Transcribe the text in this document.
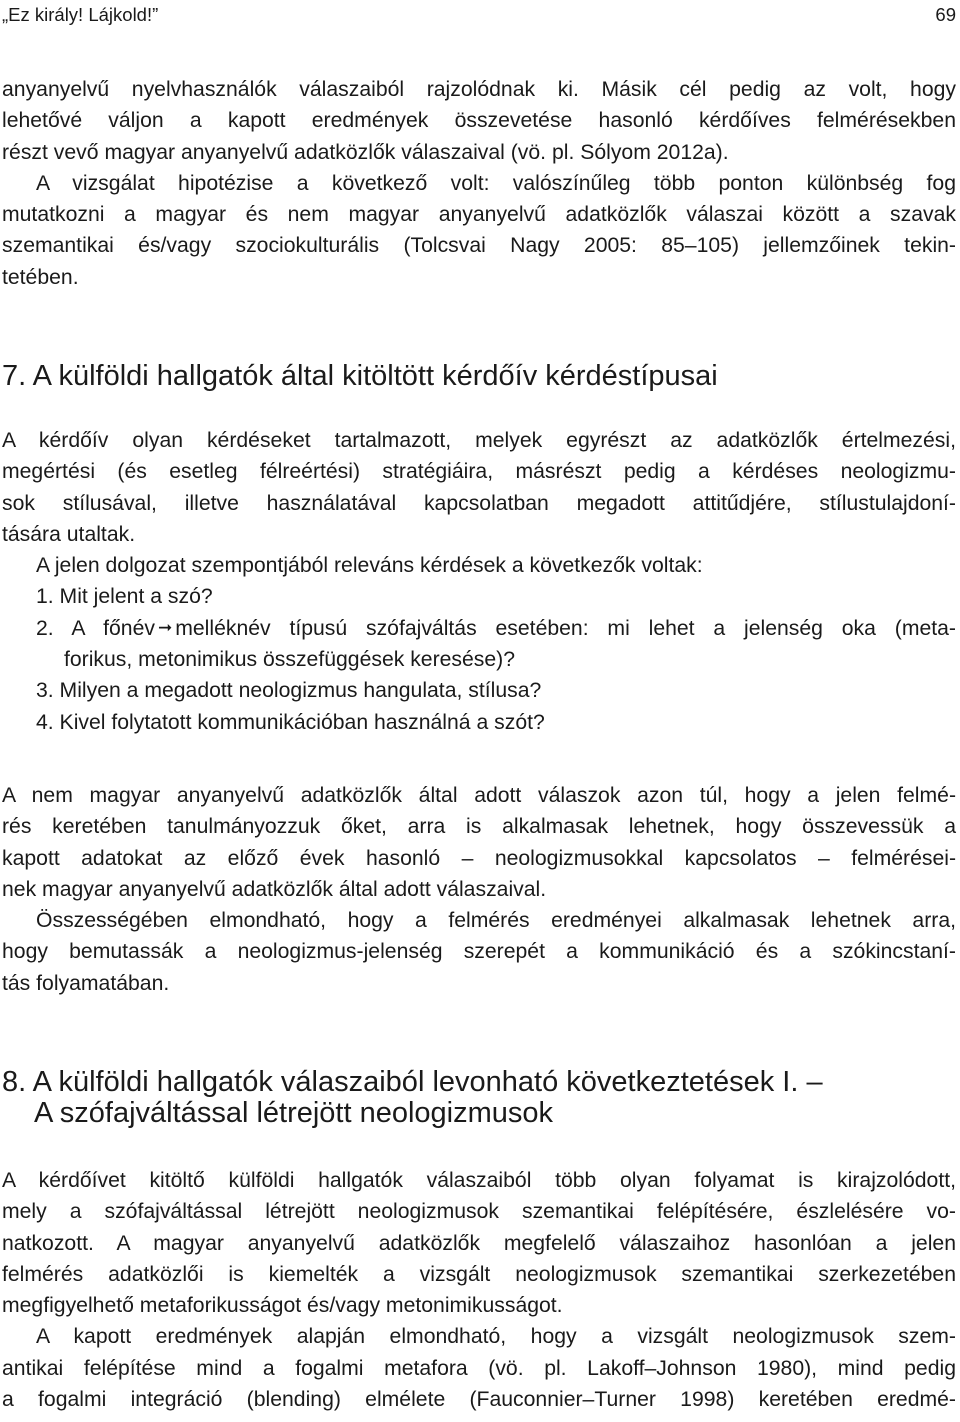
„Ez király! Lájkold!”	69
anyanyelvű nyelvhasználók válaszaiból rajzolódnak ki. Másik cél pedig az volt, hogy
lehetővé váljon a kapott eredmények összevetése hasonló kérdőíves felmérésekben
részt vevő magyar anyanyelvű adatközlők válaszaival (vö. pl. Sólyom 2012a).
A vizsgálat hipotézise a következő volt: valószínűleg több ponton különbség fog
mutatkozni a magyar és nem magyar anyanyelvű adatközlők válaszai között a szavak
szemantikai és/vagy szociokulturális (Tolcsvai Nagy 2005: 85–105) jellemzőinek tekin-
tetében.
7. A külföldi hallgatók által kitöltött kérdőív kérdéstípusai
A kérdőív olyan kérdéseket tartalmazott, melyek egyrészt az adatközlők értelmezési,
megértési (és esetleg félreértési) stratégiáira, másrészt pedig a kérdéses neologizmu-
sok stílusával, illetve használatával kapcsolatban megadott attitűdjére, stílustulajdoní-
tására utaltak.
A jelen dolgozat szempontjából releváns kérdések a következők voltak:
1. Mit jelent a szó?
2. A főnév ➞ melléknév típusú szófajváltás esetében: mi lehet a jelenség oka (meta-
forikus, metonimikus összefüggések keresése)?
3. Milyen a megadott neologizmus hangulata, stílusa?
4. Kivel folytatott kommunikációban használná a szót?
A nem magyar anyanyelvű adatközlők által adott válaszok azon túl, hogy a jelen felmé-
rés keretében tanulmányozzuk őket, arra is alkalmasak lehetnek, hogy összevessük a
kapott adatokat az előző évek hasonló – neologizmusokkal kapcsolatos – felmérései-
nek magyar anyanyelvű adatközlők által adott válaszaival.
Összességében elmondható, hogy a felmérés eredményei alkalmasak lehetnek arra,
hogy bemutassák a neologizmus-jelenség szerepét a kommunikáció és a szókincstaní-
tás folyamatában.
8. A külföldi hallgatók válaszaiból levonható következtetések I. –
A szófajváltással létrejött neologizmusok
A kérdőívet kitöltő külföldi hallgatók válaszaiból több olyan folyamat is kirajzolódott,
mely a szófajváltással létrejött neologizmusok szemantikai felépítésére, észlelésére vo-
natkozott. A magyar anyanyelvű adatközlők megfelelő válaszaihoz hasonlóan a jelen
felmérés adatközlői is kiemelték a vizsgált neologizmusok szemantikai szerkezetében
megfigyelhető metaforikusságot és/vagy metonimikusságot.
A kapott eredmények alapján elmondható, hogy a vizsgált neologizmusok szem-
antikai felépítése mind a fogalmi metafora (vö. pl. Lakoff–Johnson 1980), mind pedig
a fogalmi integráció (blending) elmélete (Fauconnier–Turner 1998) keretében eredmé-
